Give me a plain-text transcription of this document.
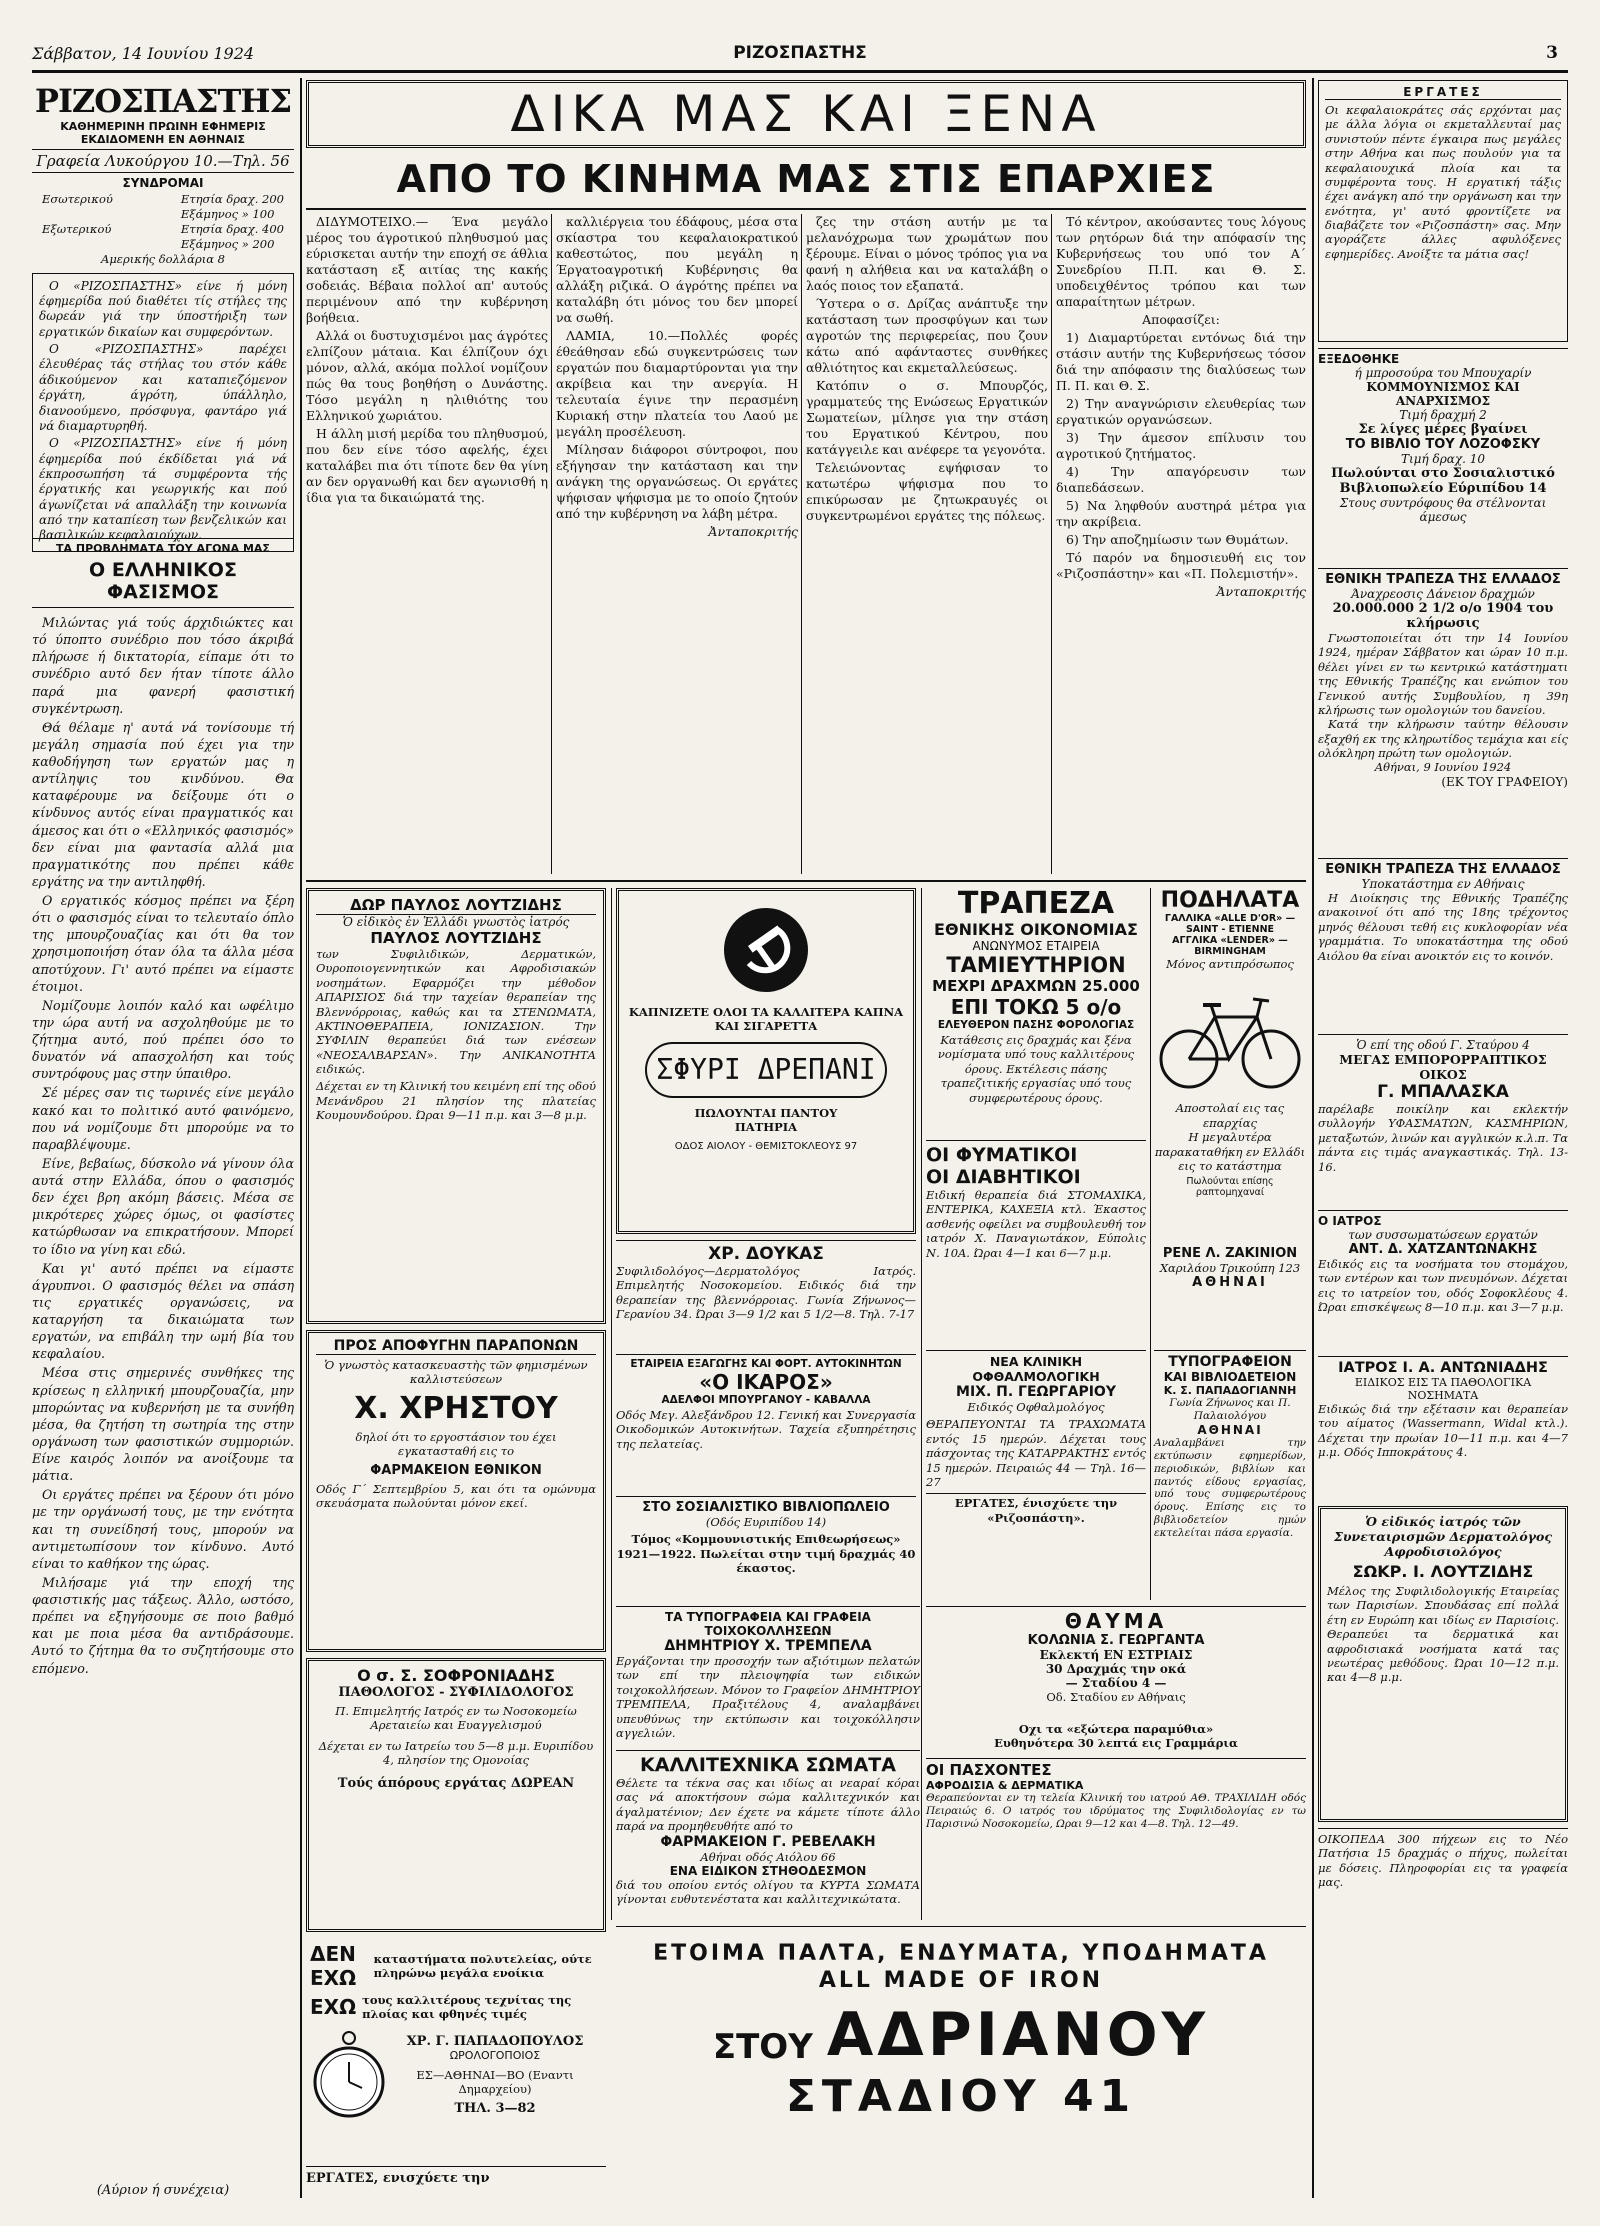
Σάββατον, 14 Ιουνίου 1924	ΡΙΖΟΣΠΑΣΤΗΣ	3
ΡΙΖΟΣΠΑΣΤΗΣ
ΚΑΘΗΜΕΡΙΝΗ ΠΡΩΙΝΗ ΕΦΗΜΕΡΙΣ
ΕΚΔΙΔΟΜΕΝΗ ΕΝ ΑΘΗΝΑΙΣ
Γραφεία Λυκούργου 10.—Τηλ. 56
ΣΥΝΔΡΟΜΑΙ
Εσωτερικού	Ετησία δραχ. 200
Εξάμηνος » 100
Εξωτερικού	Ετησία δραχ. 400
Εξάμηνος » 200
Αμερικής δολλάρια 8

Ο «ΡΙΖΟΣΠΑΣΤΗΣ» είνε ή μόνη έφημερίδα πού διαθέτει τίς στήλες της δωρεάν γιά την ύποστήριξη των εργατικών δικαίων και συμφερόντων.

Ο «ΡΙΖΟΣΠΑΣΤΗΣ» παρέχει έλευθέρας τάς στήλας του στόν κάθε άδικούμενον και καταπιεζόμενον έργάτη, άγρότη, ύπάλληλο, διανοούμενο, πρόσφυγα, φαντάρο γιά νά διαμαρτυρηθή.

Ο «ΡΙΖΟΣΠΑΣΤΗΣ» είνε ή μόνη έφημερίδα πού έκδίδεται γιά νά έκπροσωπήση τά συμφέροντα τής έργατικής και γεωργικής και πού άγωνίζεται νά απαλλάξη την κοινωνία από την καταπίεση των βενζελικών και βασιλικών κεφαλαιούχων.

ΤΑ ΠΡΟΒΛΗΜΑΤΑ ΤΟΥ ΑΓΩΝΑ ΜΑΣ
Ο ΕΛΛΗΝΙΚΟΣ ΦΑΣΙΣΜΟΣ

Μιλώντας γιά τούς άρχιδιώκτες και τό ύποπτο συνέδριο που τόσο άκριβά πλήρωσε ή δικτατορία, είπαμε ότι το συνέδριο αυτό δεν ήταν τίποτε άλλο παρά μια φανερή φασιστική συγκέντρωση.

Θά θέλαμε η' αυτά νά τονίσουμε τή μεγάλη σημασία πού έχει για την καθοδήγηση των εργατών μας η αντίληψις του κινδύνου. Θα καταφέρουμε να δείξουμε ότι ο κίνδυνος αυτός είναι πραγματικός και άμεσος και ότι ο «Ελληνικός φασισμός» δεν είναι μια φαντασία αλλά μια πραγματικότης που πρέπει κάθε εργάτης να την αντιληφθή.

Ο εργατικός κόσμος πρέπει να ξέρη ότι ο φασισμός είναι το τελευταίο όπλο της μπουρζουαζίας και ότι θα τον χρησιμοποιήση όταν όλα τα άλλα μέσα αποτύχουν. Γι' αυτό πρέπει να είμαστε έτοιμοι.

Νομίζουμε λοιπόν καλό και ωφέλιμο την ώρα αυτή να ασχοληθούμε με το ζήτημα αυτό, πού πρέπει όσο το δυνατόν νά απασχολήση και τούς συντρόφους μας στην ύπαιθρο.

Σέ μέρες σαν τις τωρινές είνε μεγάλο κακό και το πολιτικό αυτό φαινόμενο, που νά νομίζουμε δτι μπορούμε να το παραβλέψουμε.

Είνε, βεβαίως, δύσκολο νά γίνουν όλα αυτά στην Ελλάδα, όπου ο φασισμός δεν έχει βρη ακόμη βάσεις. Μέσα σε μικρότερες χώρες όμως, οι φασίστες κατώρθωσαν να επικρατήσουν. Μπορεί το ίδιο να γίνη και εδώ.

Και γι' αυτό πρέπει να είμαστε άγρυπνοι. Ο φασισμός θέλει να σπάση τις εργατικές οργανώσεις, να καταργήση τα δικαιώματα των εργατών, να επιβάλη την ωμή βία του κεφαλαίου.

Μέσα στις σημερινές συνθήκες της κρίσεως η ελληνική μπουρζουαζία, μην μπορώντας να κυβερνήση με τα συνήθη μέσα, θα ζητήση τη σωτηρία της στην οργάνωση των φασιστικών συμμοριών. Είνε καιρός λοιπόν να ανοίξουμε τα μάτια.

Οι εργάτες πρέπει να ξέρουν ότι μόνο με την οργάνωσή τους, με την ενότητα και τη συνείδησή τους, μπορούν να αντιμετωπίσουν τον κίνδυνο. Αυτό είναι το καθήκον της ώρας.

Μιλήσαμε γιά την εποχή της φασιστικής μας τάξεως. Άλλο, ωστόσο, πρέπει να εξηγήσουμε σε ποιο βαθμό και με ποια μέσα θα αντιδράσουμε. Αυτό το ζήτημα θα το συζητήσουμε στο επόμενο.

(Αύριον ή συνέχεια)
ΔΙΚΑ ΜΑΣ ΚΑΙ ΞΕΝΑ
ΑΠΟ ΤΟ ΚΙΝΗΜΑ ΜΑΣ ΣΤΙΣ ΕΠΑΡΧΙΕΣ

ΔΙΔΥΜΟΤΕΙΧΟ.— Ένα μεγάλο μέρος του άγροτικού πληθυσμού μας εύρισκεται αυτήν την εποχή σε άθλια κατάσταση εξ αιτίας της κακής σοδειάς. Βέβαια πολλοί απ' αυτούς περιμένουν από την κυβέρνηση βοήθεια.

Αλλά οι δυστυχισμένοι μας άγρότες ελπίζουν μάταια. Και έλπίζουν όχι μόνον, αλλά, ακόμα πολλοί νομίζουν πώς θα τους βοηθήση ο Δυνάστης. Τόσο μεγάλη η ηλιθιότης του Ελληνικού χωριάτου.

Η άλλη μισή μερίδα του πληθυσμού, που δεν είνε τόσο αφελής, έχει καταλάβει πια ότι τίποτε δεν θα γίνη αν δεν οργανωθή και δεν αγωνισθή η ίδια για τα δικαιώματά της.

καλλιέργεια του έδάφους, μέσα στα σκίαστρα του κεφαλαιοκρατικού καθεστώτος, που μεγάλη η Έργατοαγροτική Κυβέρνησις θα αλλάξη ριζικά. Ο άγρότης πρέπει να καταλάβη ότι μόνος του δεν μπορεί να σωθή.

ΛΑΜΙΑ, 10.—Πολλές φορές έθεάθησαν εδώ συγκεντρώσεις των εργατών που διαμαρτύρονται για την ακρίβεια και την ανεργία. Η τελευταία έγινε την περασμένη Κυριακή στην πλατεία του Λαού με μεγάλη προσέλευση.

Μίλησαν διάφοροι σύντροφοι, που εξήγησαν την κατάσταση και την ανάγκη της οργανώσεως. Οι εργάτες ψήφισαν ψήφισμα με το οποίο ζητούν από την κυβέρνηση να λάβη μέτρα.

Ἀνταποκριτής

ζες την στάση αυτήν με τα μελανόχρωμα των χρωμάτων που ξέρουμε. Είναι ο μόνος τρόπος για να φανή η αλήθεια και να καταλάβη ο λαός ποιος τον εξαπατά.

Ύστερα ο σ. Δρίζας ανάπτυξε την κατάσταση των προσφύγων και των αγροτών της περιφερείας, που ζουν κάτω από αφάνταστες συνθήκες αθλιότητος και εκμεταλλεύσεως.

Κατόπιν ο σ. Μπουρζός, γραμματεύς της Ενώσεως Εργατικών Σωματείων, μίλησε για την στάση του Εργατικού Κέντρου, που κατάγγειλε και ανέφερε τα γεγονότα.

Τελειώνοντας εψήφισαν το κατωτέρω ψήφισμα που το επικύρωσαν με ζητωκραυγές οι συγκεντρωμένοι εργάτες της πόλεως.

Τό κέντρον, ακούσαντες τους λόγους των ρητόρων διά την απόφασίν της Κυβερνήσεως του υπό τον Α΄ Συνεδρίου Π.Π. και Θ. Σ. υποδειχθέντος τρόπου και των απαραίτητων μέτρων.

Αποφασίζει:

1) Διαμαρτύρεται εντόνως διά την στάσιν αυτήν της Κυβερνήσεως τόσον διά την απόφασιν της διαλύσεως των Π. Π. και Θ. Σ.

2) Την αναγνώρισιν ελευθερίας των εργατικών οργανώσεων.

3) Την άμεσον επίλυσιν του αγροτικού ζητήματος.

4) Την απαγόρευσιν των διαπεδάσεων.

5) Να ληφθούν αυστηρά μέτρα για την ακρίβεια.

6) Την αποζημίωσιν των Θυμάτων.

Τό παρόν να δημοσιευθή εις τον «Ριζοσπάστην» και «Π. Πολεμιστήν».

Ἀνταποκριτής

ΕΡΓΑΤΕΣ
Οι κεφαλαιοκράτες σάς ερχόνται μας με άλλα λόγια οι εκμεταλλευταί μας συνιστούν πέντε έγκαιρα πως μεγάλες στην Αθήνα και πως πουλούν για τα κεφαλαιουχικά πλοία και τα συμφέροντα τους. Η εργατική τάξις έχει ανάγκη από την οργάνωση και την ενότητα, γι' αυτό φροντίζετε να διαβάζετε τον «Ριζοσπάστη» σας. Μην αγοράζετε άλλες αφυλόξενες εφημερίδες. Ανοίξτε τα μάτια σας!
ΕΞΕΔΟΘΗΚΕ
ή μπροσούρα του Μπουχαρίν
ΚΟΜΜΟΥΝΙΣΜΟΣ ΚΑΙ ΑΝΑΡΧΙΣΜΟΣ
Τιμή δραχμή 2
Σε λίγες μέρες βγαίνει
ΤΟ ΒΙΒΛΙΟ ΤΟΥ ΛΟΖΟΦΣΚΥ
Τιμή δραχ. 10
Πωλούνται στο Σοσιαλιστικό Βιβλιοπωλείο Εύριπίδου 14
Στους συντρόφους θα στέλνονται άμεσως
ΕΘΝΙΚΗ ΤΡΑΠΕΖΑ ΤΗΣ ΕΛΛΑΔΟΣ
Άναχρεοσις Δάνειον δραχμών
20.000.000 2 1/2 ο/ο 1904 του κλήρωσις
Γνωστοποιείται ότι την 14 Ιουνίου 1924, ημέραν Σάββατον και ώραν 10 π.μ. θέλει γίνει εν τω κεντρικώ κατάστηματι της Εθνικής Τραπέζης και ενώπιον του Γενικού αυτής Συμβουλίου, η 39η κλήρωσις των ομολογιών του δανείου.
Κατά την κλήρωσιν ταύτην θέλουσιν εξαχθή εκ της κληρωτίδος τεμάχια και είς ολόκληρη πρώτη των ομολογιών.
Αθήναι, 9 Ιουνίου 1924
(ΕΚ ΤΟΥ ΓΡΑΦΕΙΟΥ)
ΕΘΝΙΚΗ ΤΡΑΠΕΖΑ ΤΗΣ ΕΛΛΑΔΟΣ
Υποκατάστημα εν Αθήναις
Η Διοίκησις της Εθνικής Τραπέζης ανακοινοί ότι από της 18ης τρέχοντος μηνός θέλουσι τεθή εις κυκλοφορίαν νέα γραμμάτια. Το υποκατάστημα της οδού Αιόλου θα είναι ανοικτόν εις το κοινόν.
Ὁ επί της οδού Γ. Σταύρου 4
ΜΕΓΑΣ ΕΜΠΟΡΟΡΡΑΠΤΙΚΟΣ ΟΙΚΟΣ
Γ. ΜΠΑΛΑΣΚΑ
παρέλαβε ποικίλην και εκλεκτήν συλλογήν ΥΦΑΣΜΑΤΩΝ, ΚΑΣΜΗΡΙΩΝ, μεταξωτών, λινών και αγγλικών κ.λ.π. Τα πάντα εις τιμάς αναγκαστικάς. Τηλ. 13-16.
Ο ΙΑΤΡΟΣ
των συσσωματώσεων εργατών
ΑΝΤ. Δ. ΧΑΤΖΑΝΤΩΝΑΚΗΣ
Ειδικός εις τα νοσήματα του στομάχου, των εντέρων και των πνευμόνων. Δέχεται εις το ιατρείον του, οδός Σοφοκλέους 4. Ώραι επισκέψεως 8—10 π.μ. και 3—7 μ.μ.
ΙΑΤΡΟΣ Ι. Α. ΑΝΤΩΝΙΑΔΗΣ
ΕΙΔΙΚΟΣ ΕΙΣ ΤΑ ΠΑΘΟΛΟΓΙΚΑ ΝΟΣΗΜΑΤΑ
Ειδικώς διά την εξέτασιν και θεραπείαν του αίματος (Wassermann, Widal κτλ.). Δέχεται την πρωίαν 10—11 π.μ. και 4—7 μ.μ. Οδός Ιπποκράτους 4.
Ὁ εἰδικός ἰατρός τῶν Συνεταιρισμῶν Δερματολόγος Αφροδισιολόγος
ΣΩΚΡ. Ι. ΛΟΥΤΖΙΔΗΣ
Μέλος της Συφιλιδολογικής Εταιρείας των Παρισίων. Σπουδάσας επί πολλά έτη εν Ευρώπη και ιδίως εν Παρισίοις. Θεραπεύει τα δερματικά και αφροδισιακά νοσήματα κατά τας νεωτέρας μεθόδους. Ώραι 10—12 π.μ. και 4—8 μ.μ.
ΟΙΚΟΠΕΔΑ 300 πήχεων εις το Νέο Πατήσια 15 δραχμάς ο πήχυς, πωλείται με δόσεις. Πληροφορίαι εις τα γραφεία μας.
ΔΩΡ ΠΑΥΛΟΣ ΛΟΥΤΖΙΔΗΣ
Ὁ εἰδικὸς ἐν Ἑλλάδι γνωστὸς ἰατρός
ΠΑΥΛΟΣ ΛΟΥΤΖΙΔΗΣ
των Συφιλιδικών, Δερματικών, Ουροποιογεννητικών και Αφροδισιακών νοσημάτων. Εφαρμόζει την μέθοδον ΑΠΑΡΙΣΙΟΣ διά την ταχείαν θεραπείαν της Βλεννόρροιας, καθώς και τα ΣΤΕΝΩΜΑΤΑ, ΑΚΤΙΝΟΘΕΡΑΠΕΙΑ, ΙΟΝΙΖΑΣΙΟΝ. Την ΣΥΦΙΛΙΝ θεραπεύει διά των ενέσεων «ΝΕΟΣΑΛΒΑΡΣΑΝ». Την ΑΝΙΚΑΝΟΤΗΤΑ ειδικώς.
Δέχεται εν τη Κλινική του κειμένη επί της οδού Μενάνδρου 21 πλησίον της πλατείας Κουμουνδούρου. Ώραι 9—11 π.μ. και 3—8 μ.μ.
ΠΡΟΣ ΑΠΟΦΥΓΗΝ ΠΑΡΑΠΟΝΩΝ
Ὁ γνωστὸς κατασκευαστὴς τῶν φημισμένων καλλιστεύσεων
Χ. ΧΡΗΣΤΟΥ
δηλοί ότι το εργοστάσιον του έχει εγκατασταθή εις το
ΦΑΡΜΑΚΕΙΟΝ ΕΘΝΙΚΟΝ
Οδός Γ΄ Σεπτεμβρίου 5, και ότι τα ομώνυμα σκευάσματα πωλούνται μόνον εκεί.
Ο σ. Σ. ΣΟΦΡΟΝΙΑΔΗΣ
ΠΑΘΟΛΟΓΟΣ - ΣΥΦΙΛΙΔΟΛΟΓΟΣ
Π. Επιμελητής Ιατρός εν τω Νοσοκομείω Αρεταιείω και Ευαγγελισμού
Δέχεται εν τω Ιατρείω του 5—8 μ.μ. Ευριπίδου 4, πλησίον της Ομονοίας
Τούς άπόρους εργάτας ΔΩΡΕΑΝ
ΔΕΝ ΕΧΩ
καταστήματα πολυτελείας, ούτε πληρώνω μεγάλα ενοίκια
ΕΧΩ τους καλλιτέρους τεχνίτας της πλοίας και φθηνές τιμές
ΧΡ. Γ. ΠΑΠΑΔΟΠΟΥΛΟΣ
ΩΡΟΛΟΓΟΠΟΙΟΣ
ΕΣ—ΑΘΗΝΑΙ—ΒΟ (Εναντι Δημαρχείου)
ΤΗΛ. 3—82
ΕΡΓΑΤΕΣ, ενισχύετε την
ΚΑΠΝΙΖΕΤΕ ΟΛΟΙ ΤΑ ΚΑΛΛΙΤΕΡΑ ΚΑΠΝΑ ΚΑΙ ΣΙΓΑΡΕΤΤΑ
ΣΦΥΡΙ ΔΡΕΠΑΝΙ
ΠΩΛΟΥΝΤΑΙ ΠΑΝΤΟΥ
ΠΑΤΗΡΙΑ
ΟΔΟΣ ΑΙΟΛΟΥ - ΘΕΜΙΣΤΟΚΛΕΟΥΣ 97
ΧΡ. ΔΟΥΚΑΣ
Συφιλιδολόγος—Δερματολόγος Ιατρός. Επιμελητής Νοσοκομείου. Ειδικός διά την θεραπείαν της βλεννόρροιας. Γωνία Ζήνωνος—Γερανίου 34. Ώραι 3—9 1/2 και 5 1/2—8. Τηλ. 7-17
ΕΤΑΙΡΕΙΑ ΕΞΑΓΩΓΗΣ ΚΑΙ ΦΟΡΤ. ΑΥΤΟΚΙΝΗΤΩΝ
«Ο ΙΚΑΡΟΣ»
ΑΔΕΛΦΟΙ ΜΠΟΥΡΓΑΝΟΥ - ΚΑΒΑΛΛΑ
Οδός Μεγ. Αλεξάνδρου 12. Γενική και Συνεργασία Οικοδομικών Αυτοκινήτων. Ταχεία εξυπηρέτησις της πελατείας.
ΣΤΟ ΣΟΣΙΑΛΙΣΤΙΚΟ ΒΙΒΛΙΟΠΩΛΕΙΟ
(Οδός Ευριπίδου 14)
Τόμος «Κομμουνιστικής Επιθεωρήσεως» 1921—1922. Πωλείται στην τιμή δραχμάς 40 έκαστος.
ΤΡΑΠΕΖΑ
ΕΘΝΙΚΗΣ ΟΙΚΟΝΟΜΙΑΣ
ΑΝΩΝΥΜΟΣ ΕΤΑΙΡΕΙΑ
ΤΑΜΙΕΥΤΗΡΙΟΝ
ΜΕΧΡΙ ΔΡΑΧΜΩΝ 25.000
ΕΠΙ ΤΟΚΩ 5 ο/ο
ΕΛΕΥΘΕΡΟΝ ΠΑΣΗΣ ΦΟΡΟΛΟΓΙΑΣ
Κατάθεσις εις δραχμάς και ξένα νομίσματα υπό τους καλλιτέρους όρους. Εκτέλεσις πάσης τραπεζιτικής εργασίας υπό τους συμφερωτέρους όρους.
ΟΙ ΦΥΜΑΤΙΚΟΙ
ΟΙ ΔΙΑΒΗΤΙΚΟΙ
Ειδική θεραπεία διά ΣΤΟΜΑΧΙΚΑ, ΕΝΤΕΡΙΚΑ, ΚΑΧΕΞΙΑ κτλ. Έκαστος ασθενής οφείλει να συμβουλευθή τον ιατρόν Χ. Παναγιωτάκον, Εύπολις Ν. 10Α. Ώραι 4—1 και 6—7 μ.μ.
ΝΕΑ ΚΛΙΝΙΚΗ ΟΦΘΑΛΜΟΛΟΓΙΚΗ
ΜΙΧ. Π. ΓΕΩΡΓΑΡΙΟΥ
Ειδικός Οφθαλμολόγος
ΘΕΡΑΠΕΥΟΝΤΑΙ ΤΑ ΤΡΑΧΩΜΑΤΑ εντός 15 ημερών. Δέχεται τους πάσχοντας της ΚΑΤΑΡΡΑΚΤΗΣ εντός 15 ημερών. Πειραιώς 44 — Τηλ. 16—27
ΕΡΓΑΤΕΣ, ένισχύετε την «Ριζοσπάστη».
ΠΟΔΗΛΑΤΑ
ΓΑΛΛΙΚΑ «ALLE D'OR» — SAINT - ETIENNE
ΑΓΓΛΙΚΑ «LENDER» — BIRMINGHAM
Μόνος αντιπρόσωπος
Αποστολαί εις τας επαρχίας
Η μεγαλυτέρα παρακαταθήκη εν Ελλάδι εις το κατάστημα
Πωλούνται επίσης ραπτομηχαναί
ΡΕΝΕ Λ. ΖΑΚΙΝΙΟΝ
Χαριλάου Τρικούπη 123
ΑΘΗΝΑΙ
ΤΥΠΟΓΡΑΦΕΙΟΝ
ΚΑΙ ΒΙΒΛΙΟΔΕΤΕΙΟΝ
Κ. Σ. ΠΑΠΑΔΟΓΙΑΝΝΗ
Γωνία Ζήνωνος και Π. Παλαιολόγου
ΑΘΗΝΑΙ
Αναλαμβάνει την εκτύπωσιν εφημερίδων, περιοδικών, βιβλίων και παντός είδους εργασίας, υπό τους συμφερωτέρους όρους. Επίσης εις το βιβλιοδετείον ημών εκτελείται πάσα εργασία.
ΘΑΥΜΑ
ΚΟΛΩΝΙΑ Σ. ΓΕΩΡΓΑΝΤΑ
Εκλεκτή ΕΝ ΕΣΤΡΙΑΙΣ
30 Δραχμάς την οκά
— Σταδίου 4 —
Οδ. Σταδίου εν Αθήναις
Οχι τα «εξώτερα παραμύθια»
Ευθηνότερα 30 λεπτά εις Γραμμάρια
ΟΙ ΠΑΣΧΟΝΤΕΣ
ΑΦΡΟΔΙΣΙΑ & ΔΕΡΜΑΤΙΚΑ
Θεραπεύονται εν τη τελεία Κλινική του ιατρού ΑΘ. ΤΡΑΧΙΛΙΔΗ οδός Πειραιώς 6. Ο ιατρός του ιδρύματος της Συφιλιδολογίας εν τω Παρισινώ Νοσοκομείω, Ωραι 9—12 και 4—8. Τηλ. 12—49.
ΤΑ ΤΥΠΟΓΡΑΦΕΙΑ ΚΑΙ ΓΡΑΦΕΙΑ ΤΟΙΧΟΚΟΛΛΗΣΕΩΝ
ΔΗΜΗΤΡΙΟΥ Χ. ΤΡΕΜΠΕΛΑ
Εργάζονται την προσοχήν των αξιότιμων πελατών των επί την πλειοψηφία των ειδικών τοιχοκολλήσεων. Μόνον το Γραφείον ΔΗΜΗΤΡΙΟΥ ΤΡΕΜΠΕΛΑ, Πραξιτέλους 4, αναλαμβάνει υπευθύνως την εκτύπωσιν και τοιχοκόλλησιν αγγελιών.
ΚΑΛΛΙΤΕΧΝΙΚΑ ΣΩΜΑΤΑ
Θέλετε τα τέκνα σας και ιδίως αι νεαραί κόραι σας νά αποκτήσουν σώμα καλλιτεχνικόν και άγαλματένιον; Δεν έχετε να κάμετε τίποτε άλλο παρά να προμηθευθήτε από το
ΦΑΡΜΑΚΕΙΟΝ Γ. ΡΕΒΕΛΑΚΗ
Αθήναι οδός Αιόλου 66
ΕΝΑ ΕΙΔΙΚΟΝ ΣΤΗΘΟΔΕΣΜΟΝ
διά του οποίου εντός ολίγου τα ΚΥΡΤΑ ΣΩΜΑΤΑ γίνονται ευθυτενέστατα και καλλιτεχνικώτατα.
ΕΤΟΙΜΑ ΠΑΛΤΑ, ΕΝΔΥΜΑΤΑ, ΥΠΟΔΗΜΑΤΑ
ALL MADE OF IRON
ΣΤΟΥ ΑΔΡΙΑΝΟΥ
ΣΤΑΔΙΟΥ 41
